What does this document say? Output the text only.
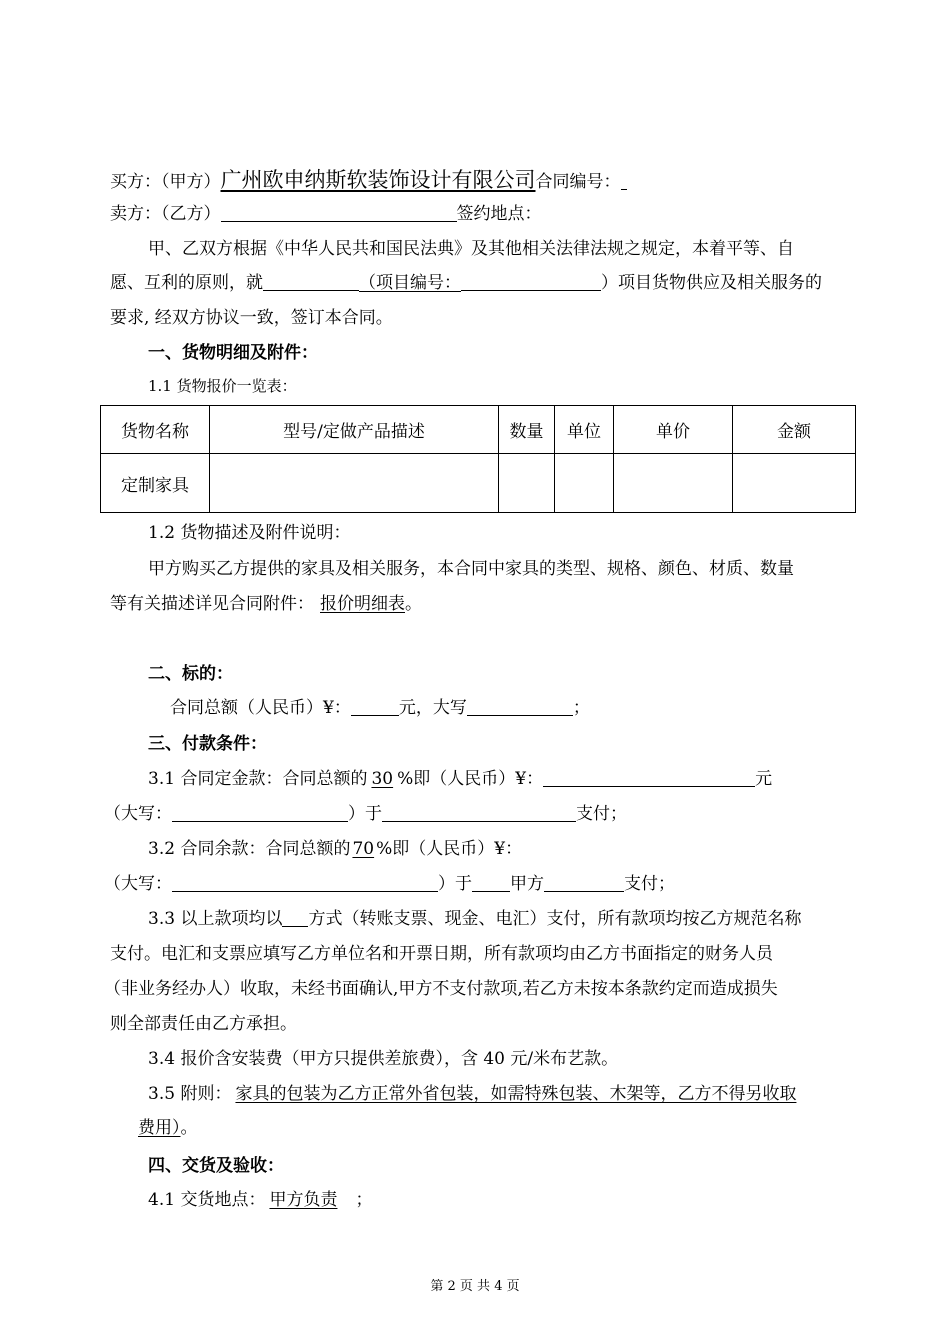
买方：（甲方）广州欧申纳斯软装饰设计有限公司合同编号：
卖方：（乙方）	签约地点：
甲、乙双方根据《中华人民共和国民法典》及其他相关法律法规之规定，本着平等、自
愿、互利的原则，就	（项目编号：	）项目货物供应及相关服务的
要求, 经双方协议一致，签订本合同。
一、货物明细及附件：
1.1 货物报价一览表：
货物名称	型号/定做产品描述	数量	单位	单价	金额
定制家具					
1.2 货物描述及附件说明：
甲方购买乙方提供的家具及相关服务，本合同中家具的类型、规格、颜色、材质、数量
等有关描述详见合同附件： 报价明细表。
二、标的：
合同总额（人民币）¥：	元，大写	；
三、付款条件：
3.1 合同定金款：合同总额的 30 %即（人民币）¥：	元
（大写：	）于	支付；
3.2 合同余款：合同总额的 70 %即（人民币）¥：
（大写：	）于 甲方	支付；
3.3 以上款项均以 方式（转账支票、现金、电汇）支付，所有款项均按乙方规范名称
支付。电汇和支票应填写乙方单位名和开票日期，所有款项均由乙方书面指定的财务人员
（非业务经办人）收取，未经书面确认,甲方不支付款项,若乙方未按本条款约定而造成损失
则全部责任由乙方承担。
3.4 报价含安装费（甲方只提供差旅费），含 40 元/米布艺款。
3.5 附则： 家具的包装为乙方正常外省包装，如需特殊包装、木架等，乙方不得另收取
费用）。
四、交货及验收：
4.1 交货地点： 甲方负责 ；
第 2 页 共 4 页
